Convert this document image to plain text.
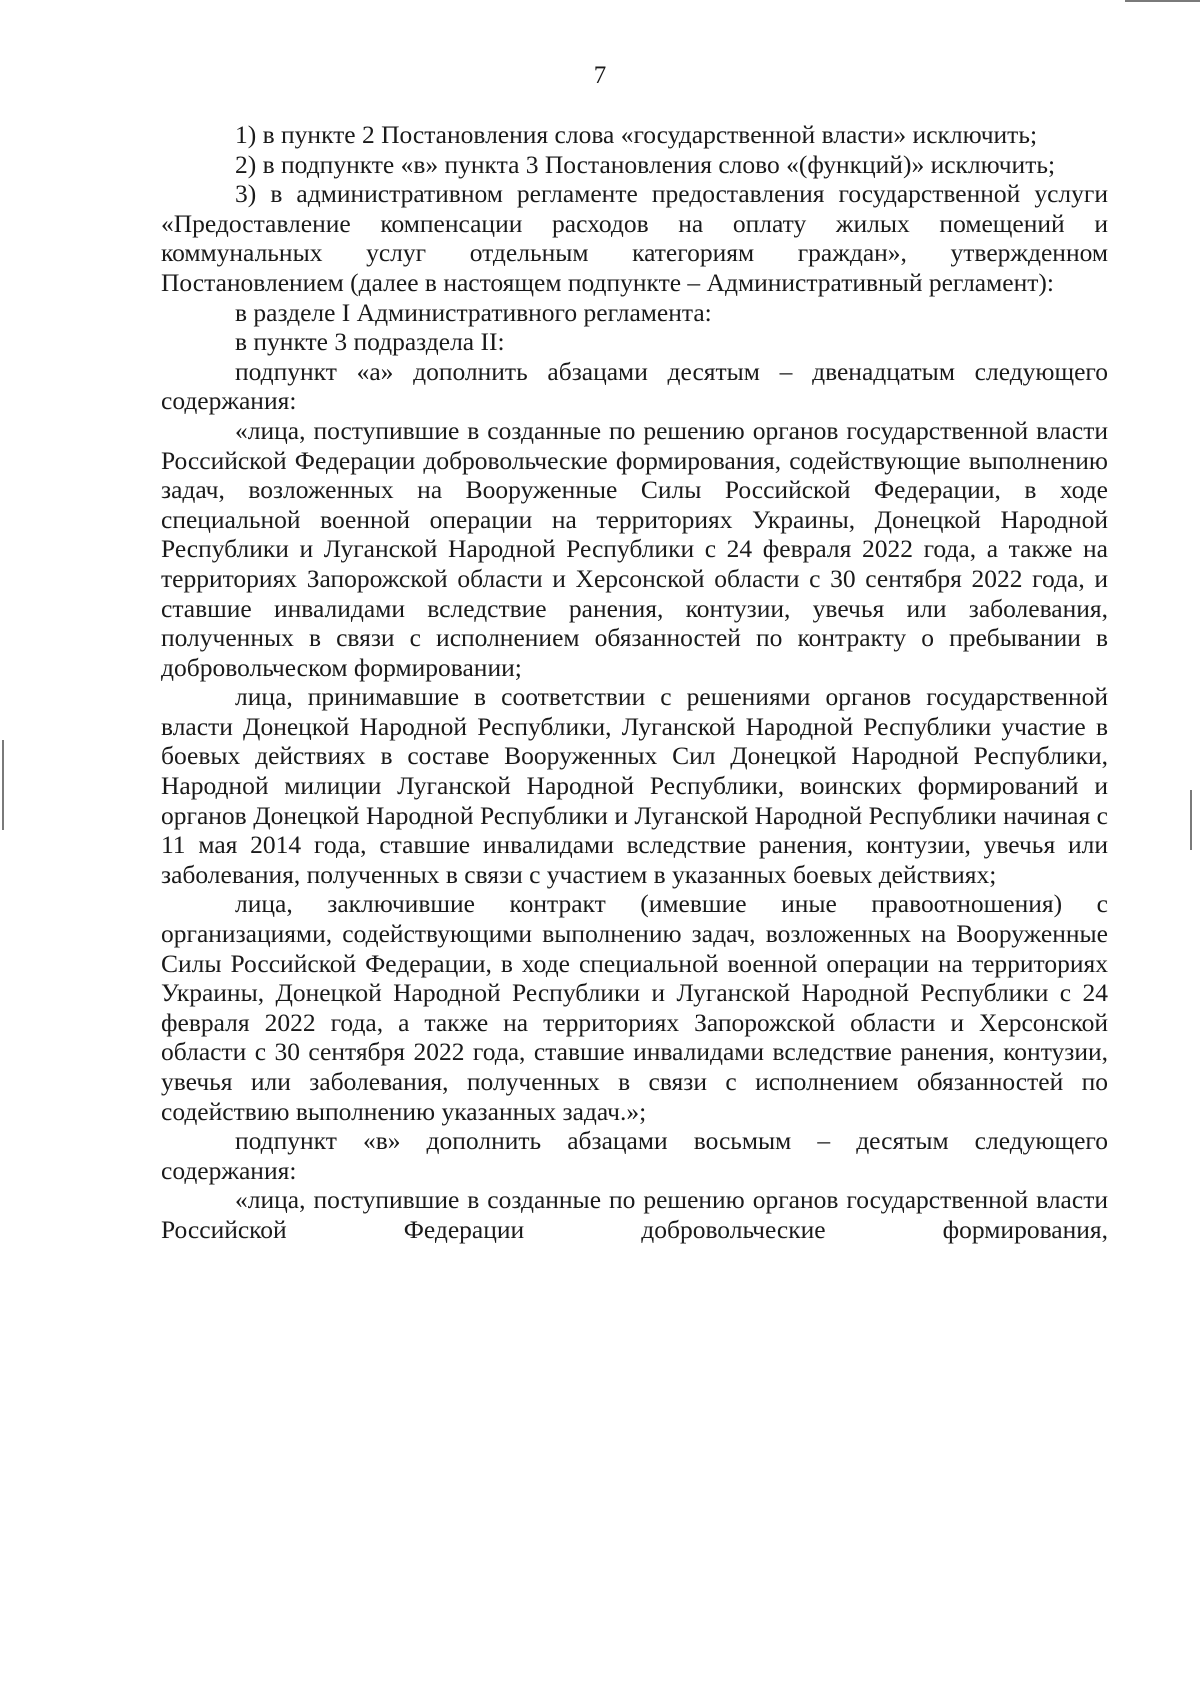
7

1) в пункте 2 Постановления слова «государственной власти» исключить;

2) в подпункте «в» пункта 3 Постановления слово «(функций)» исключить;

3) в административном регламенте предоставления государственной услуги «Предоставление компенсации расходов на оплату жилых помещений и коммунальных услуг отдельным категориям граждан», утвержденном Постановлением (далее в настоящем подпункте – Административный регламент):

в разделе I Административного регламента:

в пункте 3 подраздела II:

подпункт «а» дополнить абзацами десятым – двенадцатым следующего содержания:

«лица, поступившие в созданные по решению органов государственной власти Российской Федерации добровольческие формирования, содействующие выполнению задач, возложенных на Вооруженные Силы Российской Федерации, в ходе специальной военной операции на территориях Украины, Донецкой Народной Республики и Луганской Народной Республики с 24 февраля 2022 года, а также на территориях Запорожской области и Херсонской области с 30 сентября 2022 года, и ставшие инвалидами вследствие ранения, контузии, увечья или заболевания, полученных в связи с исполнением обязанностей по контракту о пребывании в добровольческом формировании;

лица, принимавшие в соответствии с решениями органов государственной власти Донецкой Народной Республики, Луганской Народной Республики участие в боевых действиях в составе Вооруженных Сил Донецкой Народной Республики, Народной милиции Луганской Народной Республики, воинских формирований и органов Донецкой Народной Республики и Луганской Народной Республики начиная с 11 мая 2014 года, ставшие инвалидами вследствие ранения, контузии, увечья или заболевания, полученных в связи с участием в указанных боевых действиях;

лица, заключившие контракт (имевшие иные правоотношения) с организациями, содействующими выполнению задач, возложенных на Вооруженные Силы Российской Федерации, в ходе специальной военной операции на территориях Украины, Донецкой Народной Республики и Луганской Народной Республики с 24 февраля 2022 года, а также на территориях Запорожской области и Херсонской области с 30 сентября 2022 года, ставшие инвалидами вследствие ранения, контузии, увечья или заболевания, полученных в связи с исполнением обязанностей по содействию выполнению указанных задач.»;

подпункт «в» дополнить абзацами восьмым – десятым следующего содержания:

«лица, поступившие в созданные по решению органов государственной власти Российской Федерации добровольческие формирования,
